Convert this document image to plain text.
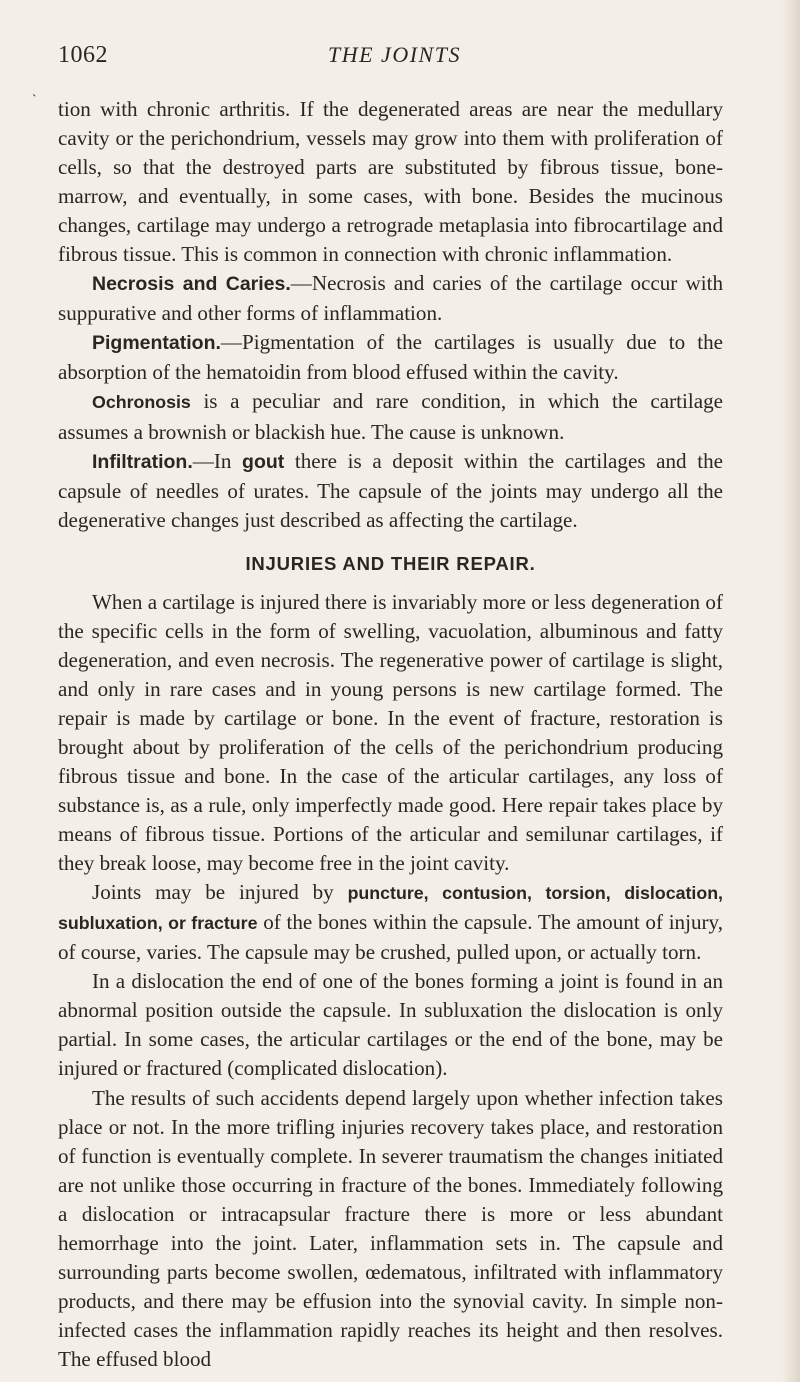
1062	THE JOINTS
ˋ tion with chronic arthritis. If the degenerated areas are near the medullary cavity or the perichondrium, vessels may grow into them with proliferation of cells, so that the destroyed parts are substituted by fibrous tissue, bone-marrow, and eventually, in some cases, with bone. Besides the mucinous changes, cartilage may undergo a retrograde metaplasia into fibrocartilage and fibrous tissue. This is common in connection with chronic inflammation.

Necrosis and Caries.—Necrosis and caries of the cartilage occur with suppurative and other forms of inflammation.

Pigmentation.—Pigmentation of the cartilages is usually due to the absorption of the hematoidin from blood effused within the cavity.

Ochronosis is a peculiar and rare condition, in which the cartilage assumes a brownish or blackish hue. The cause is unknown.

Infiltration.—In gout there is a deposit within the cartilages and the capsule of needles of urates. The capsule of the joints may undergo all the degenerative changes just described as affecting the cartilage.

INJURIES AND THEIR REPAIR.

When a cartilage is injured there is invariably more or less degeneration of the specific cells in the form of swelling, vacuolation, albuminous and fatty degeneration, and even necrosis. The regenerative power of cartilage is slight, and only in rare cases and in young persons is new cartilage formed. The repair is made by cartilage or bone. In the event of fracture, restoration is brought about by proliferation of the cells of the perichondrium producing fibrous tissue and bone. In the case of the articular cartilages, any loss of substance is, as a rule, only imperfectly made good. Here repair takes place by means of fibrous tissue. Portions of the articular and semilunar cartilages, if they break loose, may become free in the joint cavity.

Joints may be injured by puncture, contusion, torsion, dislocation, subluxation, or fracture of the bones within the capsule. The amount of injury, of course, varies. The capsule may be crushed, pulled upon, or actually torn.

In a dislocation the end of one of the bones forming a joint is found in an abnormal position outside the capsule. In subluxation the dislocation is only partial. In some cases, the articular cartilages or the end of the bone, may be injured or fractured (complicated dislocation).

The results of such accidents depend largely upon whether infection takes place or not. In the more trifling injuries recovery takes place, and restoration of function is eventually complete. In severer traumatism the changes initiated are not unlike those occurring in fracture of the bones. Immediately following a dislocation or intracapsular fracture there is more or less abundant hemorrhage into the joint. Later, inflammation sets in. The capsule and surrounding parts become swollen, œdematous, infiltrated with inflammatory products, and there may be effusion into the synovial cavity. In simple non-infected cases the inflammation rapidly reaches its height and then resolves. The effused blood
